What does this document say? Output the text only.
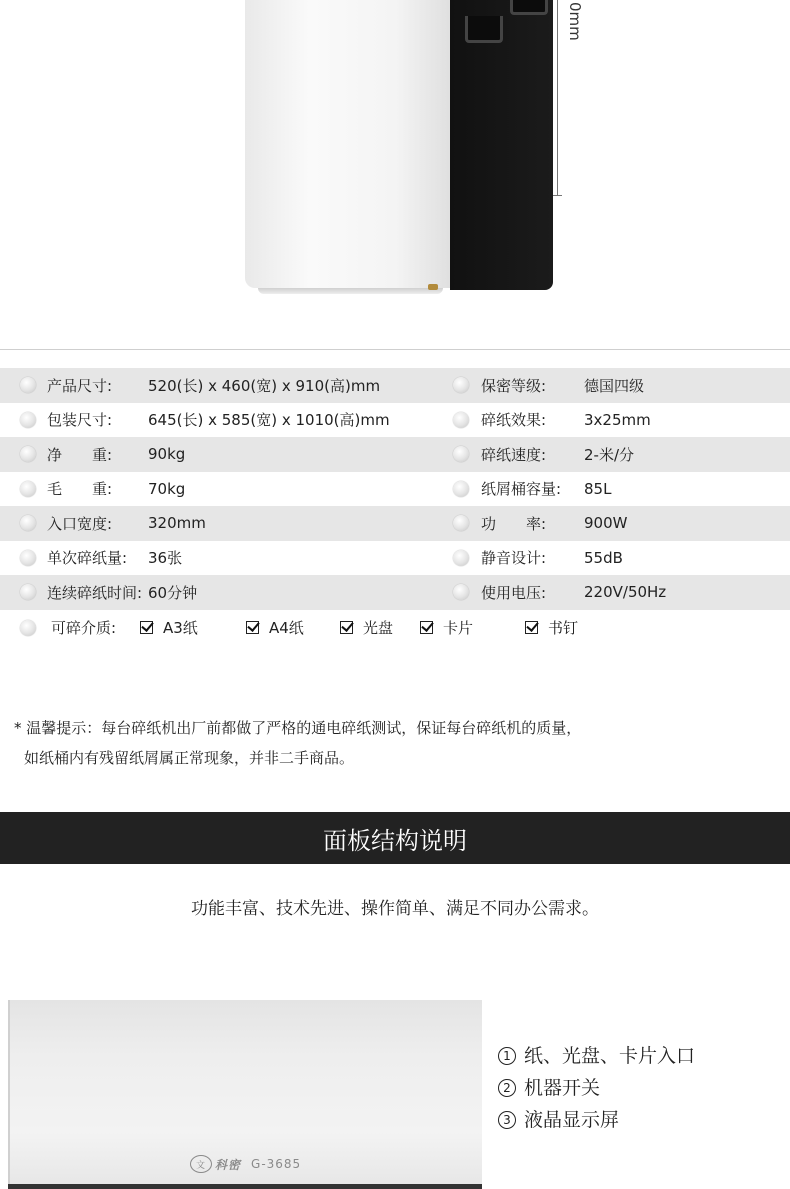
0mm
产品尺寸: 520(长) x 460(宽) x 910(高)mm	保密等级:	德国四级
包装尺寸: 645(长) x 585(宽) x 1010(高)mm	碎纸效果:	3x25mm
净　　重: 90kg	碎纸速度:	2-米/分
毛　　重: 70kg	纸屑桶容量: 85L
入口宽度: 320mm	功　　率:	900W
单次碎纸量: 36张	静音设计:	55dB
连续碎纸时间: 60分钟	使用电压:	220V/50Hz
可碎介质:	A3纸	A4纸	光盘	卡片	书钉
* 温馨提示：每台碎纸机出厂前都做了严格的通电碎纸测试，保证每台碎纸机的质量，
如纸桶内有残留纸屑属正常现象，并非二手商品。
面板结构说明
功能丰富、技术先进、操作简单、满足不同办公需求。
文 科密 G-3685
1 纸、光盘、卡片入口
2 机器开关
3 液晶显示屏
